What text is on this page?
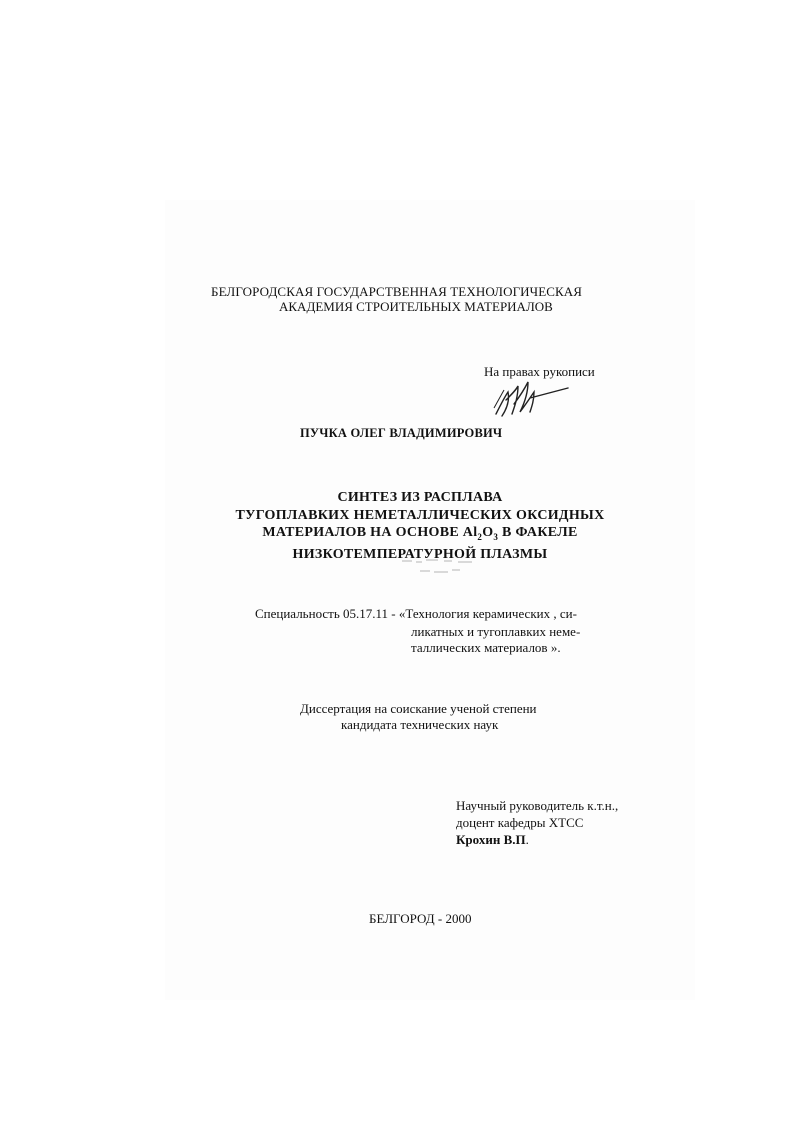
БЕЛГОРОДСКАЯ ГОСУДАРСТВЕННАЯ ТЕХНОЛОГИЧЕСКАЯ
АКАДЕМИЯ СТРОИТЕЛЬНЫХ МАТЕРИАЛОВ
На правах рукописи
ПУЧКА ОЛЕГ ВЛАДИМИРОВИЧ
СИНТЕЗ ИЗ РАСПЛАВА
ТУГОПЛАВКИХ НЕМЕТАЛЛИЧЕСКИХ ОКСИДНЫХ
МАТЕРИАЛОВ НА ОСНОВЕ $Al_2O_3$ В ФАКЕЛЕ
НИЗКОТЕМПЕРАТУРНОЙ ПЛАЗМЫ
Специальность 05.17.11 - «Технология керамических , си-
ликатных и тугоплавких неме-
таллических материалов ».
Диссертация на соискание ученой степени
кандидата технических наук
Научный руководитель к.т.н.,
доцент кафедры ХТСС
Крохин В.П.
БЕЛГОРОД - 2000
